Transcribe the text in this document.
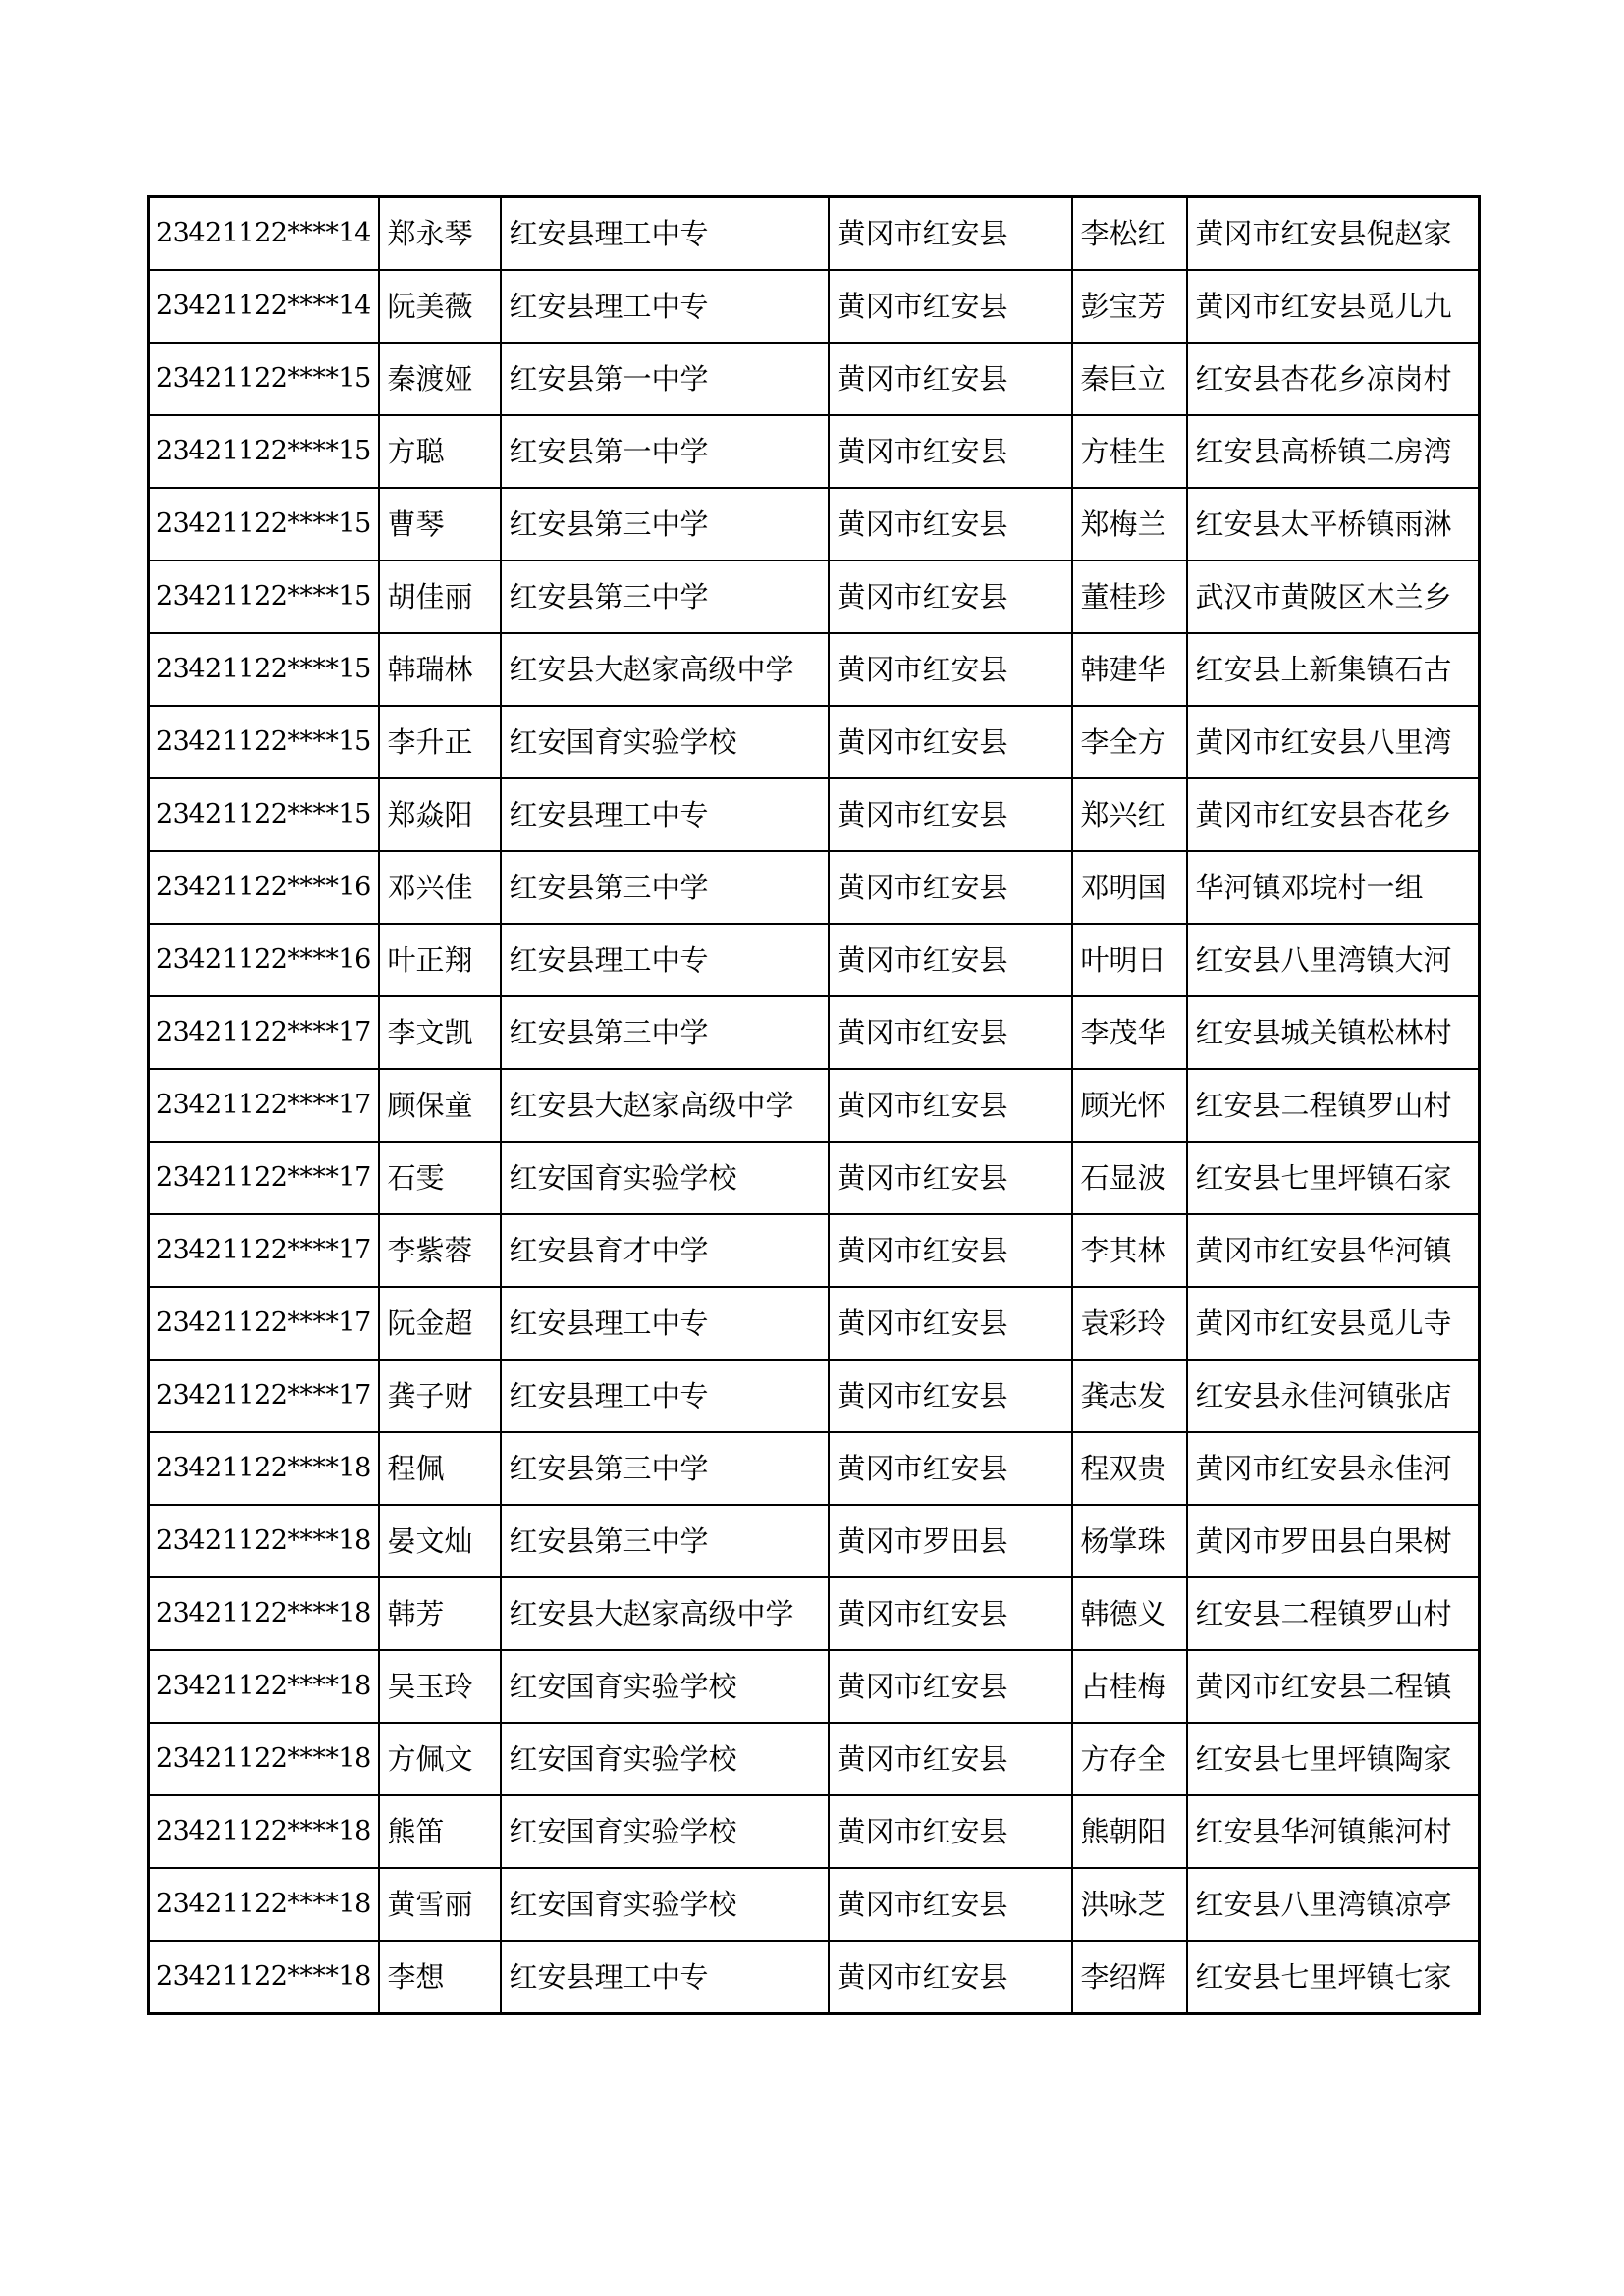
23421122****14	郑永琴	红安县理工中专	黄冈市红安县	李松红	黄冈市红安县倪赵家
23421122****14	阮美薇	红安县理工中专	黄冈市红安县	彭宝芳	黄冈市红安县觅儿九
23421122****15	秦渡娅	红安县第一中学	黄冈市红安县	秦巨立	红安县杏花乡凉岗村
23421122****15	方聪	红安县第一中学	黄冈市红安县	方桂生	红安县高桥镇二房湾
23421122****15	曹琴	红安县第三中学	黄冈市红安县	郑梅兰	红安县太平桥镇雨淋
23421122****15	胡佳丽	红安县第三中学	黄冈市红安县	董桂珍	武汉市黄陂区木兰乡
23421122****15	韩瑞林	红安县大赵家高级中学	黄冈市红安县	韩建华	红安县上新集镇石古
23421122****15	李升正	红安国育实验学校	黄冈市红安县	李全方	黄冈市红安县八里湾
23421122****15	郑焱阳	红安县理工中专	黄冈市红安县	郑兴红	黄冈市红安县杏花乡
23421122****16	邓兴佳	红安县第三中学	黄冈市红安县	邓明国	华河镇邓垸村一组
23421122****16	叶正翔	红安县理工中专	黄冈市红安县	叶明日	红安县八里湾镇大河
23421122****17	李文凯	红安县第三中学	黄冈市红安县	李茂华	红安县城关镇松林村
23421122****17	顾保童	红安县大赵家高级中学	黄冈市红安县	顾光怀	红安县二程镇罗山村
23421122****17	石雯	红安国育实验学校	黄冈市红安县	石显波	红安县七里坪镇石家
23421122****17	李紫蓉	红安县育才中学	黄冈市红安县	李其林	黄冈市红安县华河镇
23421122****17	阮金超	红安县理工中专	黄冈市红安县	袁彩玲	黄冈市红安县觅儿寺
23421122****17	龚子财	红安县理工中专	黄冈市红安县	龚志发	红安县永佳河镇张店
23421122****18	程佩	红安县第三中学	黄冈市红安县	程双贵	黄冈市红安县永佳河
23421122****18	晏文灿	红安县第三中学	黄冈市罗田县	杨掌珠	黄冈市罗田县白果树
23421122****18	韩芳	红安县大赵家高级中学	黄冈市红安县	韩德义	红安县二程镇罗山村
23421122****18	吴玉玲	红安国育实验学校	黄冈市红安县	占桂梅	黄冈市红安县二程镇
23421122****18	方佩文	红安国育实验学校	黄冈市红安县	方存全	红安县七里坪镇陶家
23421122****18	熊笛	红安国育实验学校	黄冈市红安县	熊朝阳	红安县华河镇熊河村
23421122****18	黄雪丽	红安国育实验学校	黄冈市红安县	洪咏芝	红安县八里湾镇凉亭
23421122****18	李想	红安县理工中专	黄冈市红安县	李绍辉	红安县七里坪镇七家
